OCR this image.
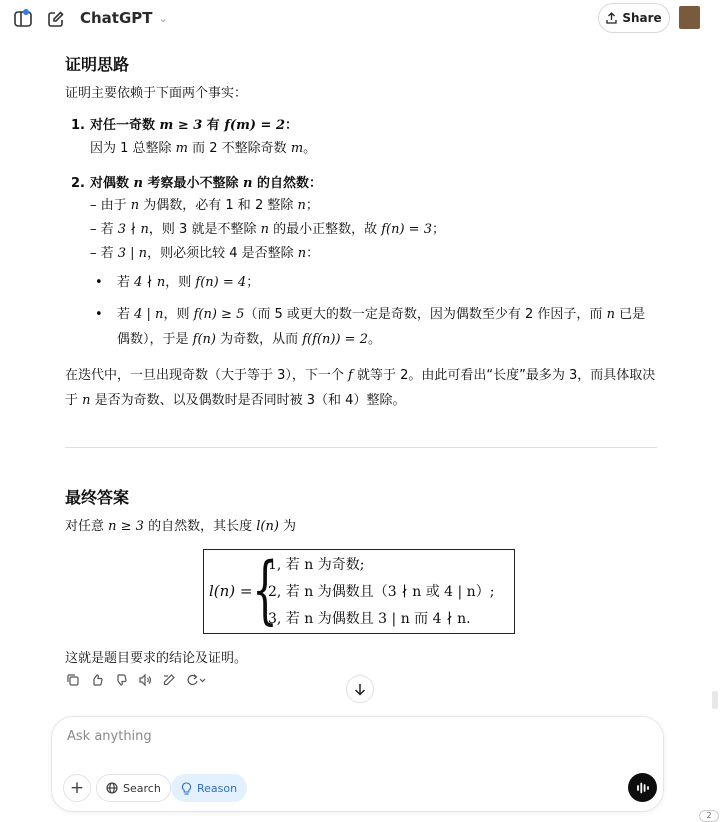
ChatGPT ⌄	Share
证明思路

证明主要依赖于下面两个事实：

1. 对任一奇数 m ≥ 3 有 f(m) = 2：
因为 1 总整除 m 而 2 不整除奇数 m。
2. 对偶数 n 考察最小不整除 n 的自然数：
– 由于 n 为偶数，必有 1 和 2 整除 n；
– 若 3 ∤ n，则 3 就是不整除 n 的最小正整数，故 f(n) = 3；
– 若 3 | n，则必须比较 4 是否整除 n：
• 若 4 ∤ n，则 f(n) = 4；
• 若 4 | n，则 f(n) ≥ 5（而 5 或更大的数一定是奇数，因为偶数至少有 2 作因子，而 n 已是偶数），于是 f(n) 为奇数，从而 f(f(n)) = 2。

在迭代中，一旦出现奇数（大于等于 3），下一个 f 就等于 2。由此可看出“长度”最多为 3，而具体取决于 n 是否为奇数、以及偶数时是否同时被 3（和 4）整除。

最终答案

对任意 n ≥ 3 的自然数，其长度 l(n) 为

l(n) = {
1, 若 n 为奇数;
2, 若 n 为偶数且（3 ∤ n 或 4 | n）;
3, 若 n 为偶数且 3 | n 而 4 ∤ n.

这就是题目要求的结论及证明。

Ask anything
+	Search	Reason
2
